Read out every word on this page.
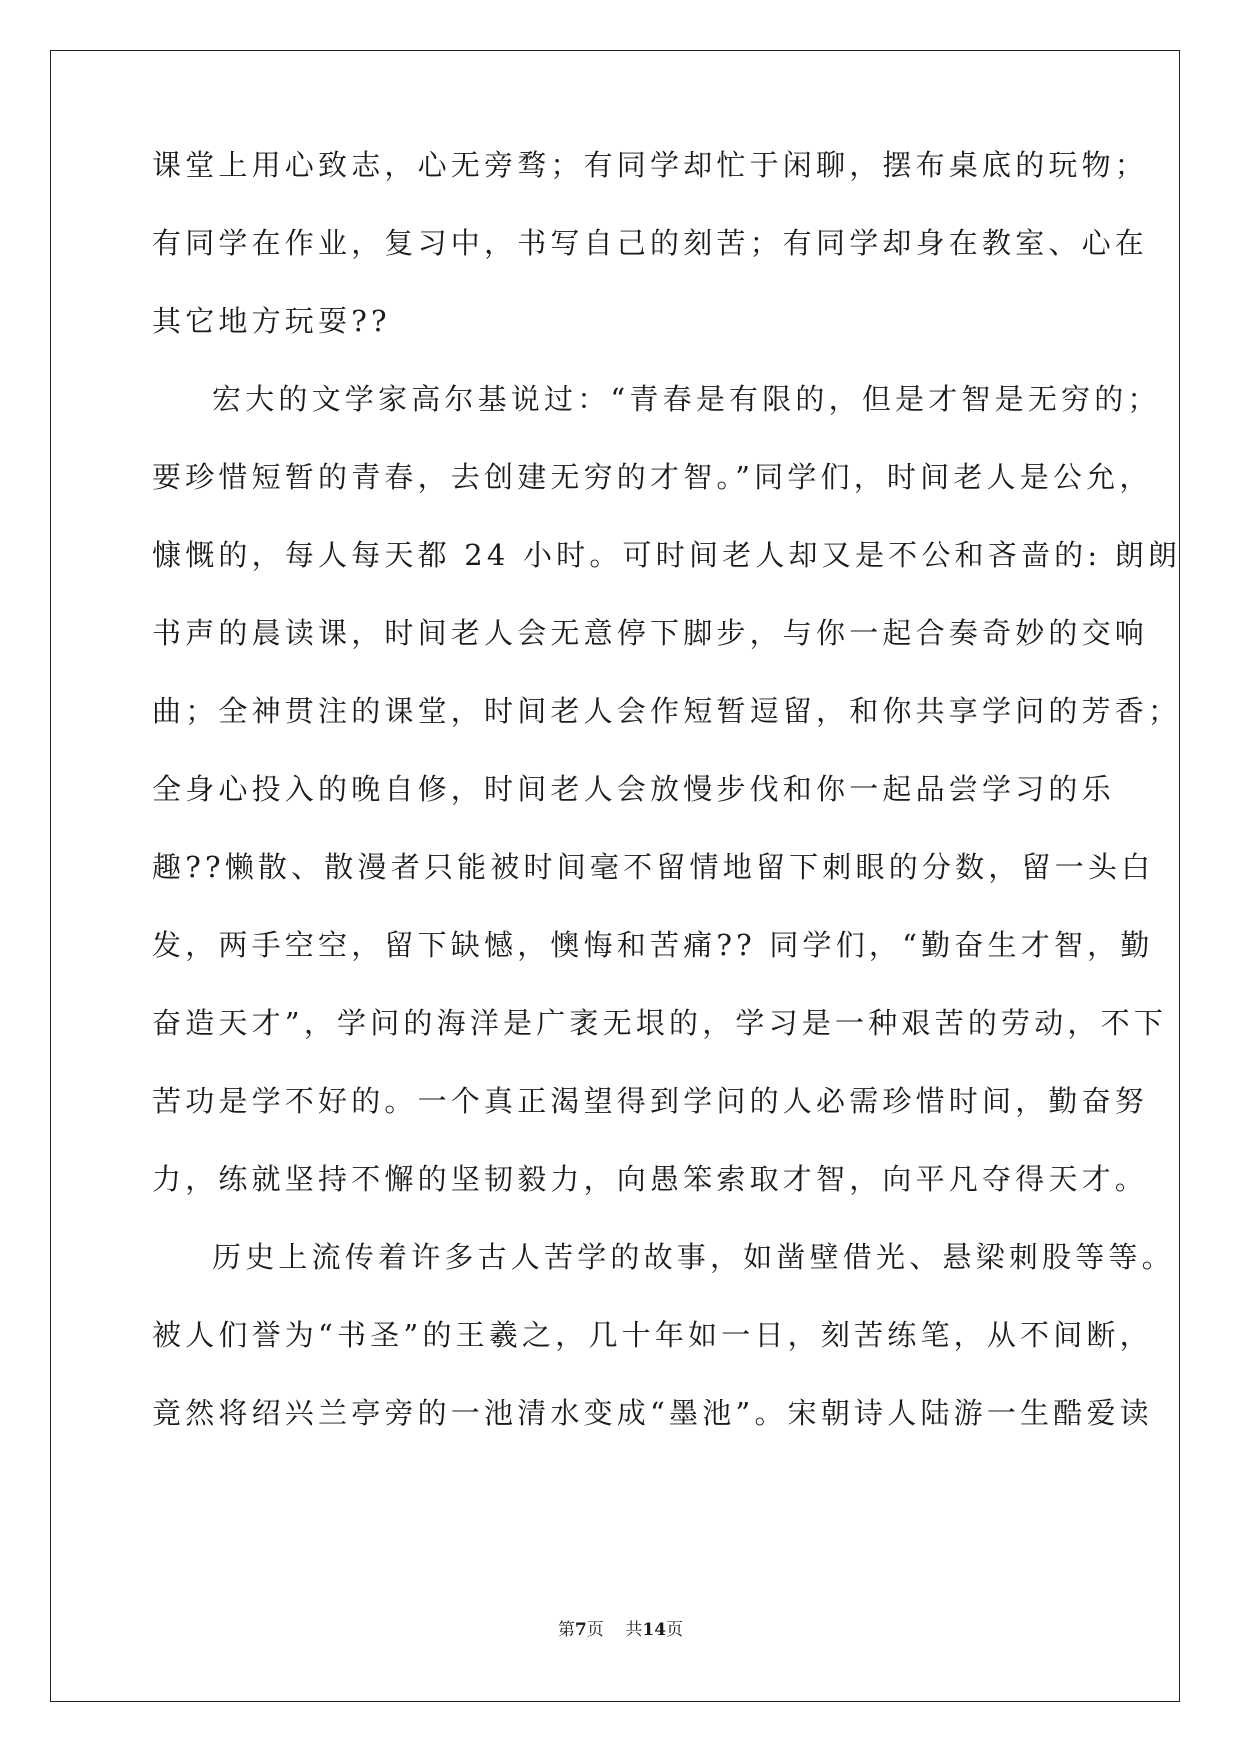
课堂上用心致志，心无旁骛；有同学却忙于闲聊，摆布桌底的玩物；
有同学在作业，复习中，书写自己的刻苦；有同学却身在教室、心在
其它地方玩耍??
宏大的文学家高尔基说过：“青春是有限的，但是才智是无穷的；
要珍惜短暂的青春，去创建无穷的才智。”同学们，时间老人是公允，
慷慨的，每人每天都 24 小时。可时间老人却又是不公和吝啬的: 朗朗
书声的晨读课，时间老人会无意停下脚步，与你一起合奏奇妙的交响
曲；全神贯注的课堂，时间老人会作短暂逗留，和你共享学问的芳香；
全身心投入的晚自修，时间老人会放慢步伐和你一起品尝学习的乐
趣??懒散、散漫者只能被时间毫不留情地留下刺眼的分数，留一头白
发，两手空空，留下缺憾，懊悔和苦痛?? 同学们，“勤奋生才智，勤
奋造天才”，学问的海洋是广袤无垠的，学习是一种艰苦的劳动，不下
苦功是学不好的。一个真正渴望得到学问的人必需珍惜时间，勤奋努
力，练就坚持不懈的坚韧毅力，向愚笨索取才智，向平凡夺得天才。
历史上流传着许多古人苦学的故事，如凿壁借光、悬梁刺股等等。
被人们誉为“书圣”的王羲之，几十年如一日，刻苦练笔，从不间断，
竟然将绍兴兰亭旁的一池清水变成“墨池”。宋朝诗人陆游一生酷爱读
第7页    共14页
